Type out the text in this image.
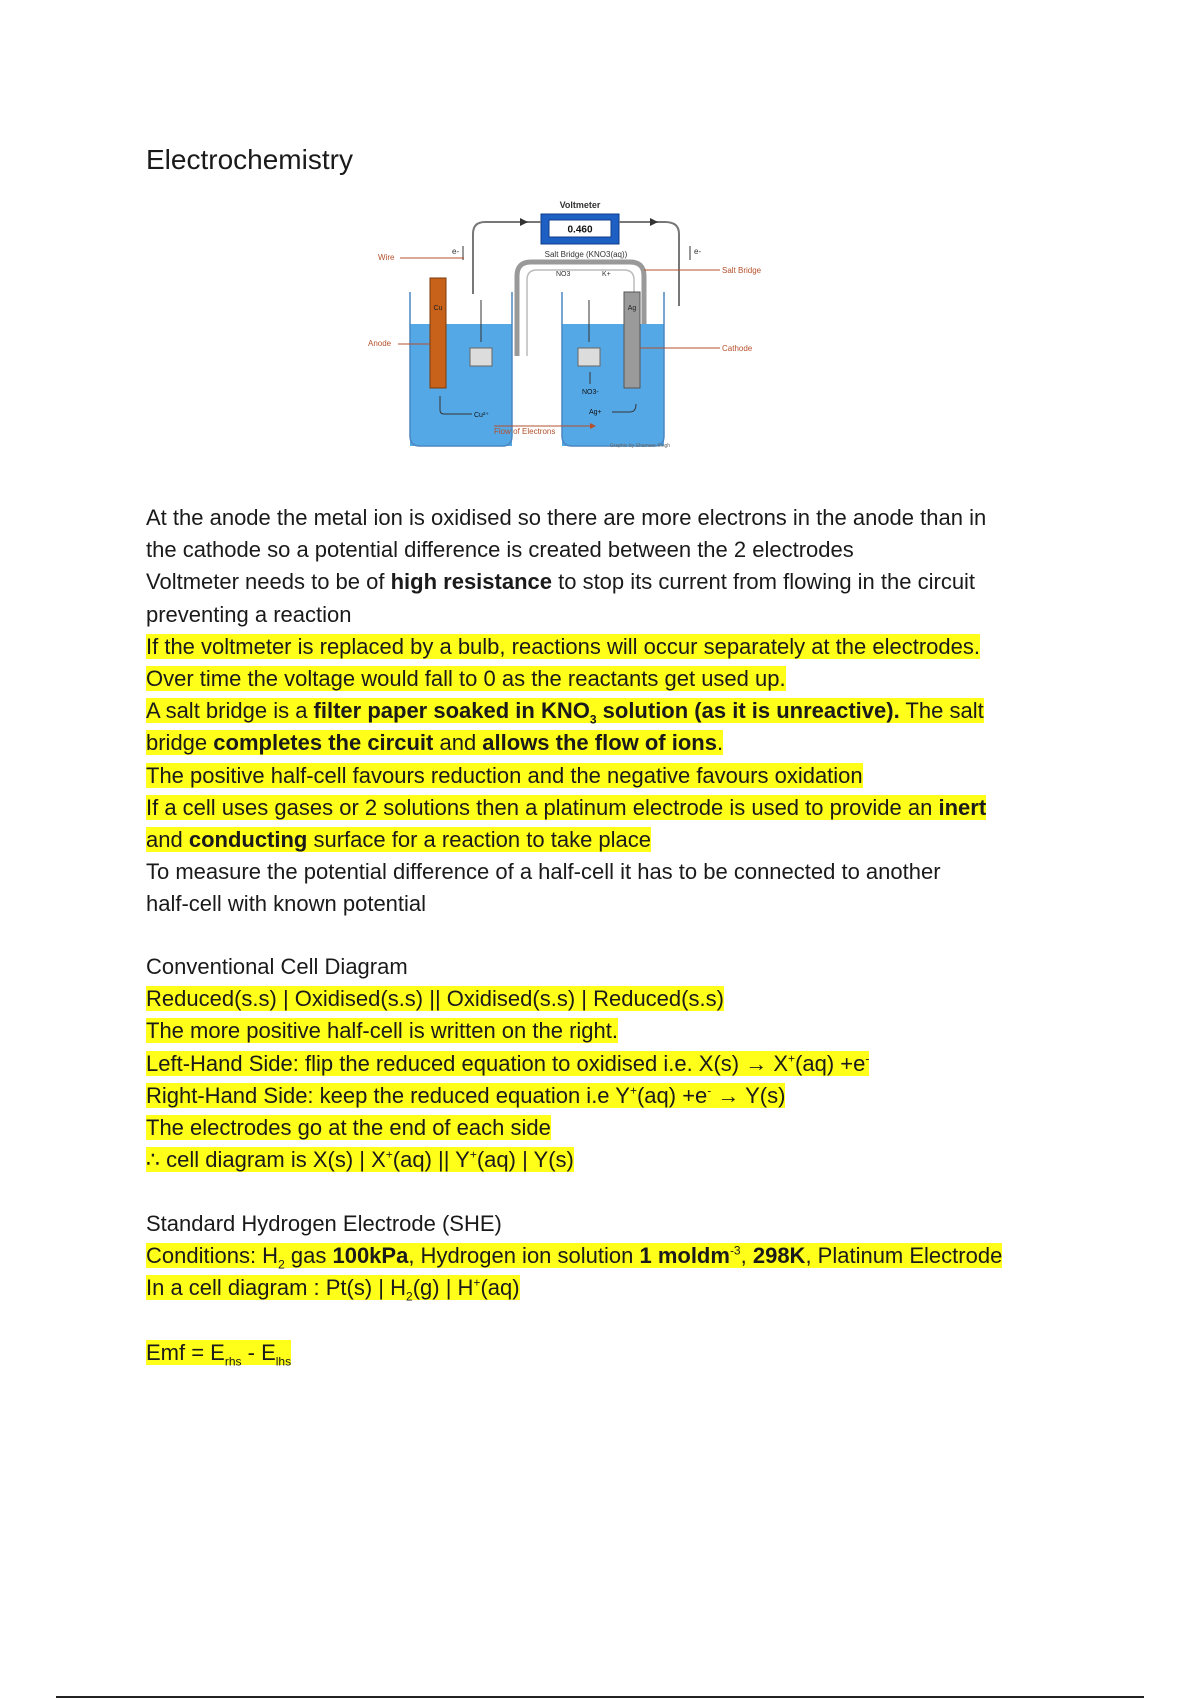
Electrochemistry
Voltmeter
0.460
e-	e-
Salt Bridge (KNO3(aq))
NO3	K+
Cu	Ag
Cu²⁺
NO3-
Ag+
Wire
Anode
Salt Bridge
Cathode
Flow of Electrons
Graphic by Shameer Singh
At the anode the metal ion is oxidised so there are more electrons in the anode than in
the cathode so a potential difference is created between the 2 electrodes
Voltmeter needs to be of high resistance to stop its current from flowing in the circuit
preventing a reaction
If the voltmeter is replaced by a bulb, reactions will occur separately at the electrodes.
Over time the voltage would fall to 0 as the reactants get used up.
A salt bridge is a filter paper soaked in $KNO_3$ solution (as it is unreactive). The salt
bridge completes the circuit and allows the flow of ions.
The positive half-cell favours reduction and the negative favours oxidation
If a cell uses gases or 2 solutions then a platinum electrode is used to provide an inert
and conducting surface for a reaction to take place
To measure the potential difference of a half-cell it has to be connected to another
half-cell with known potential
Conventional Cell Diagram
Reduced(s.s) | Oxidised(s.s) || Oxidised(s.s) | Reduced(s.s)
The more positive half-cell is written on the right.
Left-Hand Side: flip the reduced equation to oxidised i.e. X(s) → X+(aq) +e-
Right-Hand Side: keep the reduced equation i.e Y+(aq) +e- → Y(s)
The electrodes go at the end of each side
∴ cell diagram is X(s) | X+(aq) || Y+(aq) | Y(s)
Standard Hydrogen Electrode (SHE)
Conditions: $H_2$ gas 100kPa, Hydrogen ion solution 1 moldm$^{-3}$, 298K, Platinum Electrode
In a cell diagram : Pt(s) | $H_2(g)$ | H+(aq)
Emf = $E_{rhs} - E_{lhs}$
